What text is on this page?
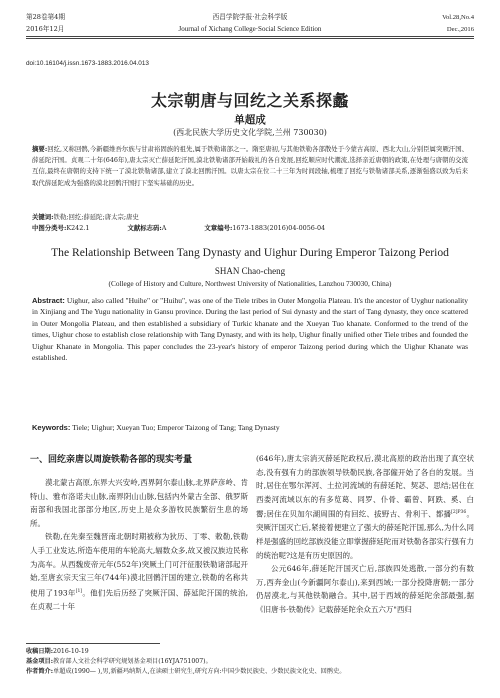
第28卷第4期	西昌学院学报·社会科学版	Vol.28,No.4
2016年12月	Journal of Xichang College·Social Science Edition	Dec.,2016
doi:10.16104/j.issn.1673-1883.2016.04.013
太宗朝唐与回纥之关系探蠡
单超成
(西北民族大学历史文化学院,兰州 730030)
摘要:回纥,又称回鹘,今新疆维吾尔族与甘肃裕固族的祖先,属于铁勒诸部之一。隋至唐初,与其他铁勒各部散处于今蒙古高原、西北大山,分别臣属突厥汗国、薛延陀汗国。贞观二十年(646年),唐太宗灭亡薛延陀汗国,漠北铁勒诸部开始载礼的各自发展,回纥顺应时代潮流,选择亲近唐朝的政策,在处理与唐朝的交流互信,最终在唐朝的支持下统一了漠北铁勒诸部,建立了漠北回鹘汗国。以唐太宗在位二十三年为时间段轴,梳理了回纥与铁勒诸部关系,逐渐强盛以致为后来取代薛延陀成为强盛的漠北回鹘汗国打下坚实基础的历史。
关键词:铁勒;回纥;薛延陀;唐太宗;唐史
中图分类号:K242.1	文献标志码:A	文章编号:1673-1883(2016)04-0056-04
The Relationship Between Tang Dynasty and Uighur During Emperor Taizong Period
SHAN Chao-cheng
(College of History and Culture, Northwest University of Nationalities, Lanzhou 730030, China)
Abstract: Uighur, also called "Huihe" or "Huihu", was one of the Tiele tribes in Outer Mongolia Plateau. It's the ancestor of Uyghur nationality in Xinjiang and The Yugu nationality in Gansu province. During the last period of Sui dynasty and the start of Tang dynasty, they once scattered in Outer Mongolia Plateau, and then established a subsidiary of Turkic khanate and the Xueyan Tuo khanate. Conformed to the trend of the times, Uighur chose to establish close relationship with Tang Dynasty, and with its help, Uighur finally unified other Tiele tribes and founded the Uighur Khanate in Mongolia. This paper concludes the 23-year's history of emperor Taizong period during which the Uighur Khanate was established.
Keywords: Tiele; Uighur; Xueyan Tuo; Emperor Taizong of Tang; Tang Dynasty
一、回纥亲唐以周旋铁勒各部的现实考量

漠北蒙古高原,东界大兴安岭,西界阿尔泰山脉,北界萨彦岭、肯特山、雅布洛诺夫山脉,南界阴山山脉,包括内外蒙古全部、俄罗斯南部和我国北部部分地区,历史上是众多游牧民族繁衍生息的场所。

铁勒,在先秦至魏晋南北朝时期被称为狄历、丁零、敕勒,铁勒人手工业发达,所造车使用的车轮高大,辐数众多,故又被汉族边民称为高车。从西魏废帝元年(552年)突厥土门可汗征服铁勒诸部起开始,至唐玄宗天宝三年(744年)漠北回鹘汗国的建立,铁勒的名称共使用了193年[1]。他们先后历经了突厥汗国、薛延陀汗国的统治,在贞观二十年

(646年),唐太宗消灭薛延陀政权后,漠北高原的政治出现了真空状态,没有强有力的部族领导铁勒民族,各部僱开始了各自的发展。当时,居住在鄂尔浑河、土拉河流域的有薛延陀、契苾、思结;居住在西娄河流域以东的有多览葛、同罗、仆骨、霸曾、阿跌、奚、白霫;居住在贝加尔湖周围的有回纥、拔野古、骨利干、都播$^{[2]P36}$。突厥汗国灭亡后,紧接着便建立了强大的薛延陀汗国,那么,为什么同样是强盛的回纥部族没能立即掌握薛延陀而对铁勒各部实行强有力的统治呢?这是有历史原因的。

公元646年,薛延陀汗国灭亡后,部族四处逃散,一部分约有数万,西奔金山(今新疆阿尔泰山),来到西域;一部分投降唐朝;一部分仍居漠北,与其他铁勒融合。其中,居于西域的薛延陀余部最强,据《旧唐书·铁勒传》记载薛延陀余众五六万"西归

收稿日期:2016-10-19
基金项目:教育部人文社会科学研究规划基金项目(16YJA751007)。
作者简介:单超成(1990— ),男,新疆玛纳斯人,在读硕士研究生,研究方向:中国少数民族史、少数民族文化史、回鹘史。
